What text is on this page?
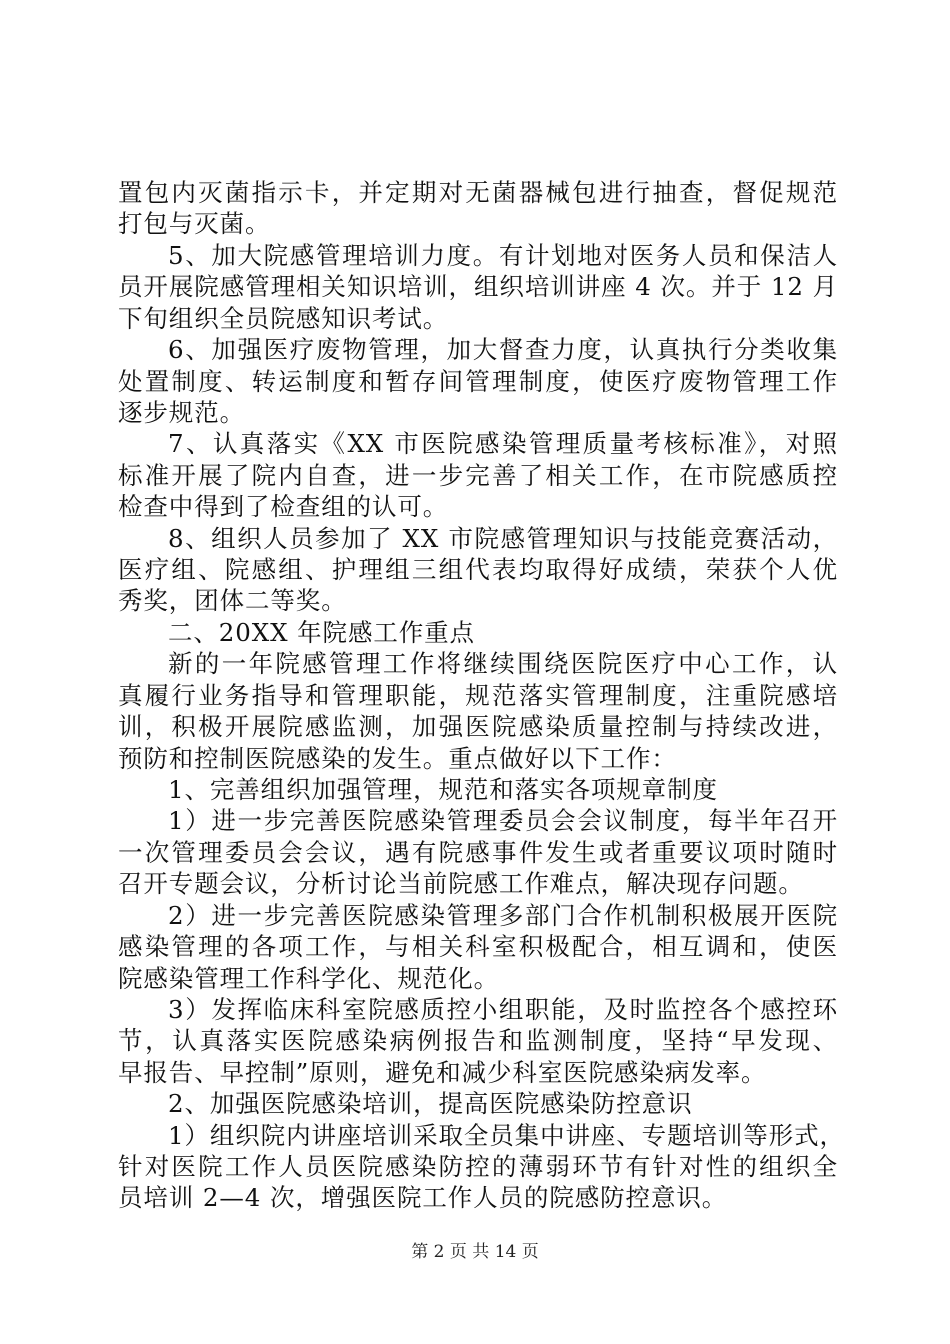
置包内灭菌指示卡，并定期对无菌器械包进行抽查，督促规范
打包与灭菌。
5、加大院感管理培训力度。有计划地对医务人员和保洁人
员开展院感管理相关知识培训，组织培训讲座 4 次。并于 12 月
下旬组织全员院感知识考试。
6、加强医疗废物管理，加大督查力度，认真执行分类收集
处置制度、转运制度和暂存间管理制度，使医疗废物管理工作
逐步规范。
7、认真落实《XX 市医院感染管理质量考核标准》，对照
标准开展了院内自查，进一步完善了相关工作，在市院感质控
检查中得到了检查组的认可。
8、组织人员参加了 XX 市院感管理知识与技能竞赛活动，
医疗组、院感组、护理组三组代表均取得好成绩，荣获个人优
秀奖，团体二等奖。
二、20XX 年院感工作重点
新的一年院感管理工作将继续围绕医院医疗中心工作，认
真履行业务指导和管理职能，规范落实管理制度，注重院感培
训，积极开展院感监测，加强医院感染质量控制与持续改进，
预防和控制医院感染的发生。重点做好以下工作：
1、完善组织加强管理，规范和落实各项规章制度
1）进一步完善医院感染管理委员会会议制度，每半年召开
一次管理委员会会议，遇有院感事件发生或者重要议项时随时
召开专题会议，分析讨论当前院感工作难点，解决现存问题。
2）进一步完善医院感染管理多部门合作机制积极展开医院
感染管理的各项工作，与相关科室积极配合，相互调和，使医
院感染管理工作科学化、规范化。
3）发挥临床科室院感质控小组职能，及时监控各个感控环
节，认真落实医院感染病例报告和监测制度，坚持“早发现、
早报告、早控制”原则，避免和减少科室医院感染病发率。
2、加强医院感染培训，提高医院感染防控意识
1）组织院内讲座培训采取全员集中讲座、专题培训等形式，
针对医院工作人员医院感染防控的薄弱环节有针对性的组织全
员培训 2—4 次，增强医院工作人员的院感防控意识。
第 2 页 共 14 页
